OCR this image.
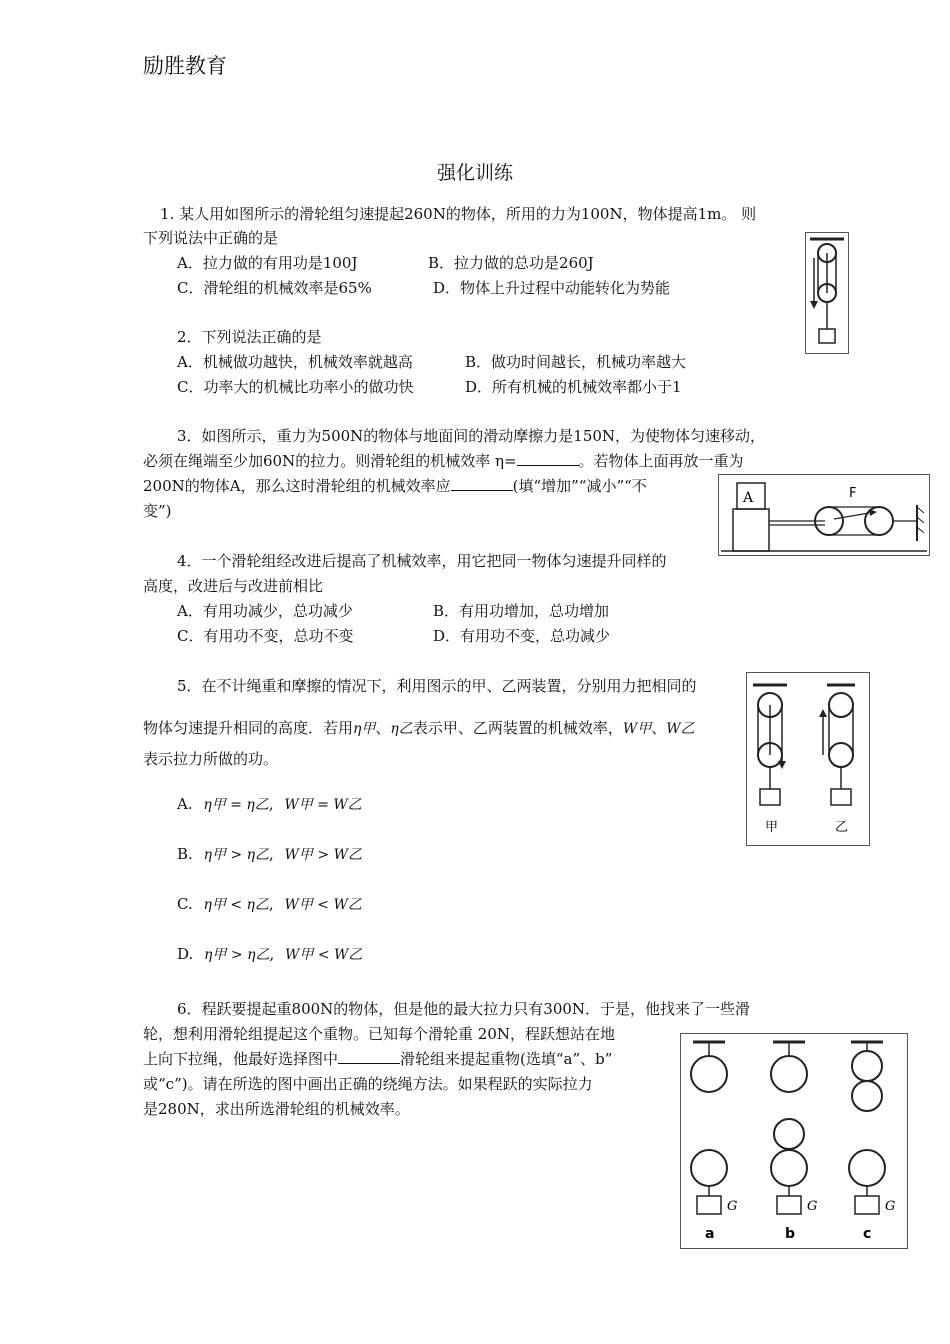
励胜教育
强化训练
1. 某人用如图所示的滑轮组匀速提起260N的物体，所用的力为100N，物体提高1m。 则
下列说法中正确的是
A．拉力做的有用功是100J	B．拉力做的总功是260J
C．滑轮组的机械效率是65%	D．物体上升过程中动能转化为势能
2．下列说法正确的是
A．机械做功越快，机械效率就越高	B．做功时间越长，机械功率越大
C．功率大的机械比功率小的做功快	D．所有机械的机械效率都小于1
3．如图所示，重力为500N的物体与地面间的滑动摩擦力是150N，为使物体匀速移动，
必须在绳端至少加60N的拉力。则滑轮组的机械效率 η=	。若物体上面再放一重为
200N的物体A，那么这时滑轮组的机械效率应	(填“增加”“减小”“不
变”)
A	F
4．一个滑轮组经改进后提高了机械效率，用它把同一物体匀速提升同样的
高度，改进后与改进前相比
A．有用功减少，总功减少	B．有用功增加，总功增加
C．有用功不变，总功不变	D．有用功不变，总功减少
5．在不计绳重和摩擦的情况下，利用图示的甲、乙两装置，分别用力把相同的
物体匀速提升相同的高度．若用η甲、η乙表示甲、乙两装置的机械效率，W甲、W乙
表示拉力所做的功。
A. η甲 = η乙, W甲 = W乙
B. η甲 > η乙, W甲 > W乙
C. η甲 < η乙, W甲 < W乙
D. η甲 > η乙, W甲 < W乙
甲	乙
6．程跃要提起重800N的物体，但是他的最大拉力只有300N．于是，他找来了一些滑
轮，想利用滑轮组提起这个重物。已知每个滑轮重 20N，程跃想站在地
上向下拉绳，他最好选择图中	滑轮组来提起重物(选填“a”、b”
或“c”)。请在所选的图中画出正确的绕绳方法。如果程跃的实际拉力
是280N，求出所选滑轮组的机械效率。
G
a
G
b
G
c
